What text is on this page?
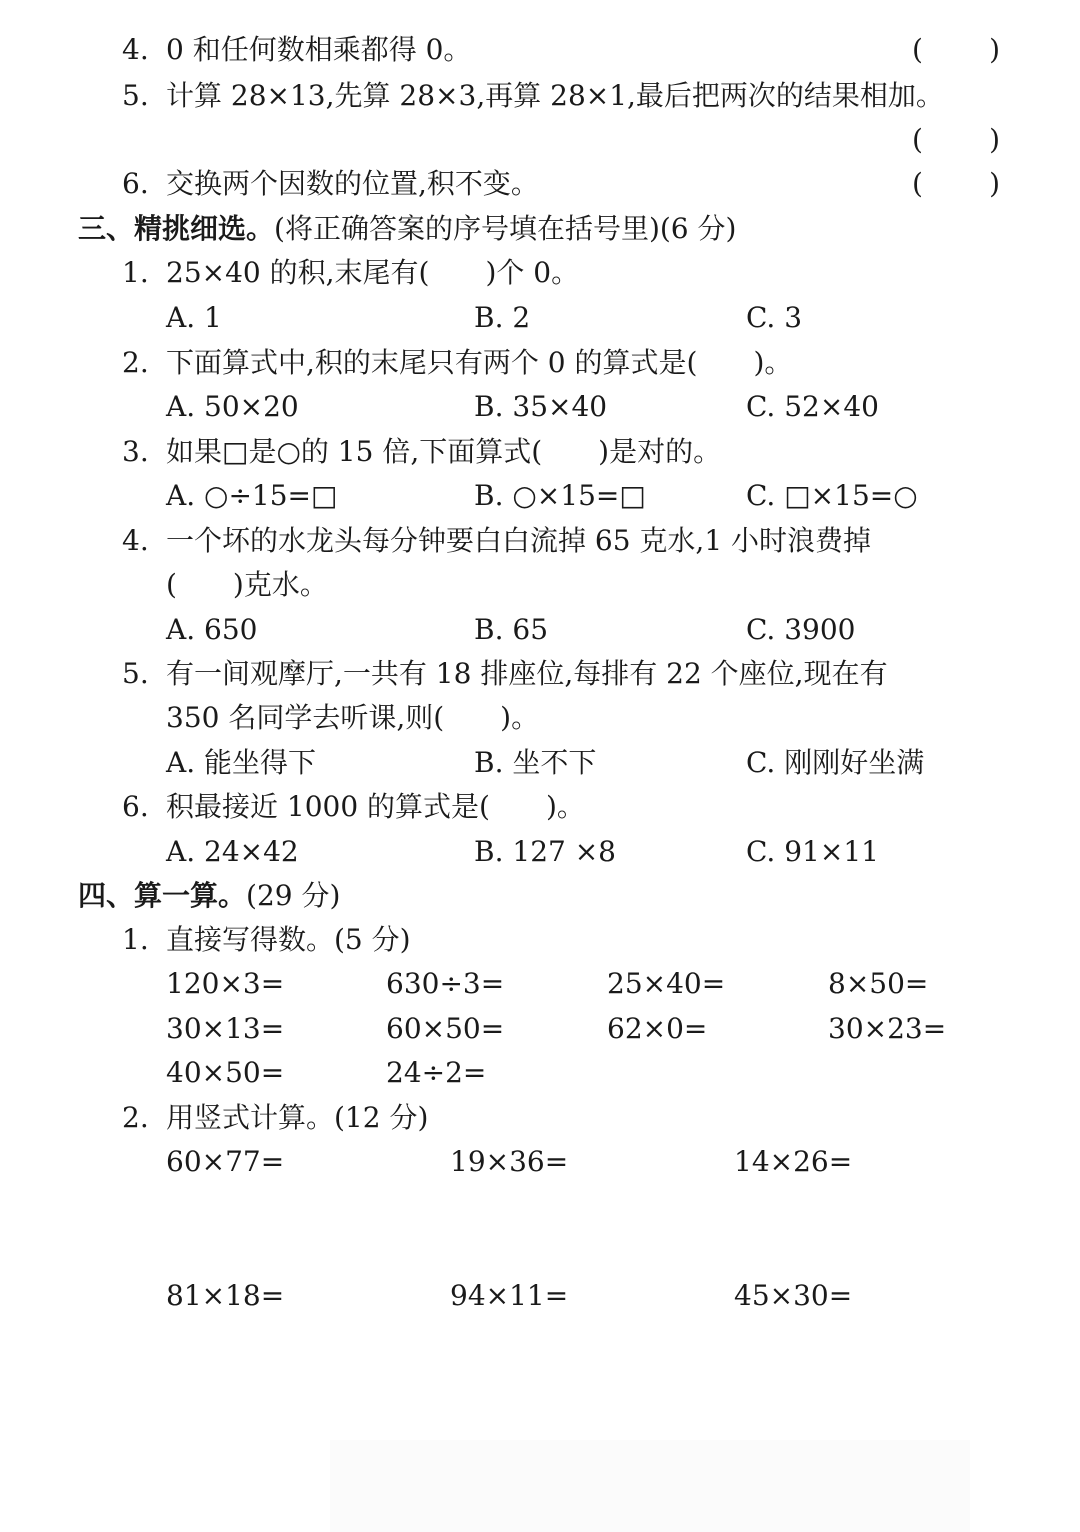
4. 0 和任何数相乘都得 0。	( )
5. 计算 28×13,先算 28×3,再算 28×1,最后把两次的结果相加。
( )
6. 交换两个因数的位置,积不变。	( )
三、精挑细选。(将正确答案的序号填在括号里)(6 分)
1. 25×40 的积,末尾有(　　)个 0。
A. 1	B. 2	C. 3
2. 下面算式中,积的末尾只有两个 0 的算式是(　　)。
A. 50×20	B. 35×40	C. 52×40
3. 如果□是○的 15 倍,下面算式(　　)是对的。
A. ○÷15=□	B. ○×15=□	C. □×15=○
4. 一个坏的水龙头每分钟要白白流掉 65 克水,1 小时浪费掉
(　　)克水。
A. 650	B. 65	C. 3900
5. 有一间观摩厅,一共有 18 排座位,每排有 22 个座位,现在有
350 名同学去听课,则(　　)。
A. 能坐得下	B. 坐不下	C. 刚刚好坐满
6. 积最接近 1000 的算式是(　　)。
A. 24×42	B. 127 ×8	C. 91×11
四、算一算。(29 分)
1. 直接写得数。(5 分)
120×3=	630÷3=	25×40=	8×50=
30×13=	60×50=	62×0=	30×23=
40×50=	24÷2=
2. 用竖式计算。(12 分)
60×77=	19×36=	14×26=
81×18=	94×11=	45×30=
